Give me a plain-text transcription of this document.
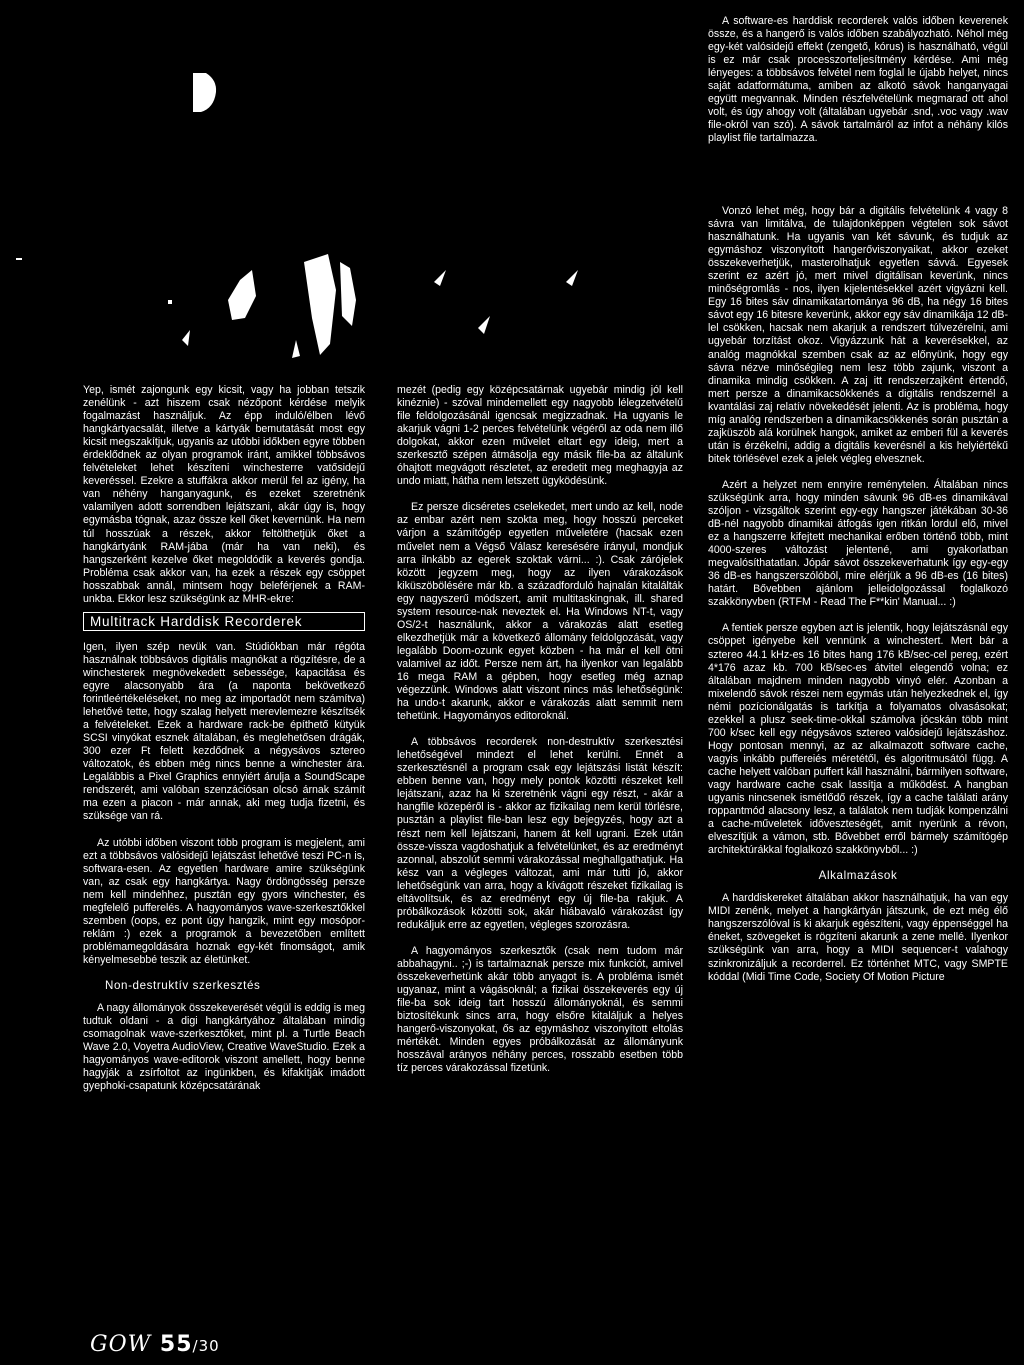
Yep, ismét zajongunk egy kicsit, vagy ha jobban tetszik zenélünk - azt hiszem csak nézőpont kérdése melyik fogalmazást használjuk. Az épp induló/élben lévő hangkártyacsalát, illetve a kártyák bemutatását most egy kicsit megszakítjuk, ugyanis az utóbbi időkben egyre többen érdeklődnek az olyan programok iránt, amikkel többsávos felvételeket lehet készíteni winchesterre vatősidejű keveréssel. Ezekre a stuffákra akkor merül fel az igény, ha van néhény hanganyagunk, és ezeket szeretnénk valamilyen adott sorrendben lejátszani, akár úgy is, hogy egymásba tógnak, azaz össze kell őket kevernünk. Ha nem túl hosszúak a részek, akkor feltölthetjük őket a hangkártyánk RAM-jába (már ha van neki), és hangszerként kezelve őket megoldódik a keverés gondja. Probléma csak akkor van, ha ezek a részek egy csöppet hosszabbak annál, mintsem hogy beleférjenek a RAM-unkba. Ekkor lesz szükségünk az MHR-ekre:

Multitrack Harddisk Recorderek

Igen, ilyen szép nevük van. Stúdiókban már régóta használnak többsávos digitális magnókat a rögzítésre, de a winchesterek megnövekedett sebessége, kapacitása és egyre alacsonyabb ára (a naponta bekövetkező forintleértékeléseket, no meg az importadót nem számítva) lehetővé tette, hogy szalag helyett merevlemezre készítsék a felvételeket. Ezek a hardware rack-be építhető kütyük SCSI vinyókat esznek általában, és meglehetősen drágák, 300 ezer Ft felett kezdődnek a négysávos sztereo változatok, és ebben még nincs benne a winchester ára. Legalábbis a Pixel Graphics ennyiért árulja a SoundScape rendszerét, ami valóban szenzációsan olcsó árnak számít ma ezen a piacon - már annak, aki meg tudja fizetni, és szüksége van rá.

Az utóbbi időben viszont több program is megjelent, ami ezt a többsávos valósidejű lejátszást lehetővé teszi PC-n is, softwara-esen. Az egyetlen hardware amire szükségünk van, az csak egy hangkártya. Nagy ördöngösség persze nem kell mindehhez, pusztán egy gyors winchester, és megfelelő pufferelés. A hagyományos wave-szerkesztőkkel szemben (oops, ez pont úgy hangzik, mint egy mosópor-reklám :) ezek a programok a bevezetőben említett problémamegoldására hoznak egy-két finomságot, amik kényelmesebbé teszik az életünket.

Non-destruktív szerkesztés

A nagy állományok összekeverését végül is eddig is meg tudtuk oldani - a digi hangkártyához általában mindig csomagolnak wave-szerkesztőket, mint pl. a Turtle Beach Wave 2.0, Voyetra AudioView, Creative WaveStudio. Ezek a hagyományos wave-editorok viszont amellett, hogy benne hagyják a zsírfoltot az ingünkben, és kifakítják imádott gyephoki-csapatunk középcsatárának

mezét (pedig egy középcsatárnak ugyebár mindig jól kell kinéznie) - szóval mindemellett egy nagyobb lélegzetvételű file feldolgozásánál igencsak megizzadnak. Ha ugyanis le akarjuk vágni 1-2 perces felvételünk végéről az oda nem illő dolgokat, akkor ezen művelet eltart egy ideig, mert a szerkesztő szépen átmásolja egy másik file-ba az általunk óhajtott megvágott részletet, az eredetit meg meghagyja az undo miatt, hátha nem letszett ügyködésünk.

Ez persze dicséretes cselekedet, mert undo az kell, node az embar azért nem szokta meg, hogy hosszú perceket várjon a számítógép egyetlen műveletére (hacsak ezen művelet nem a Végső Válasz keresésére irányul, mondjuk arra ilnkább az egerek szoktak várni... :). Csak zárójelek között jegyzem meg, hogy az ilyen várakozások kiküszöbölésére már kb. a századforduló hajnalán kitalálták egy nagyszerű módszert, amit multitaskingnak, ill. shared system resource-nak neveztek el. Ha Windows NT-t, vagy OS/2-t használunk, akkor a várakozás alatt esetleg elkezdhetjük már a következő állomány feldolgozását, vagy legalább Doom-ozunk egyet közben - ha már el kell ötni valamivel az időt. Persze nem árt, ha ilyenkor van legalább 16 mega RAM a gépben, hogy esetleg még aznap végezzünk. Windows alatt viszont nincs más lehetőségünk: ha undo-t akarunk, akkor e várakozás alatt semmit nem tehetünk. Hagyományos editoroknál.

A többsávos recorderek non-destruktív szerkesztési lehetőségével mindezt el lehet kerülni. Ennét a szerkesztésnél a program csak egy lejátszási listát készít: ebben benne van, hogy mely pontok közötti részeket kell lejátszani, azaz ha ki szeretnénk vágni egy részt, - akár a hangfile közepéről is - akkor az fizikailag nem kerül törlésre, pusztán a playlist file-ban lesz egy bejegyzés, hogy azt a részt nem kell lejátszani, hanem át kell ugrani. Ezek után össze-vissza vagdoshatjuk a felvételünket, és az eredményt azonnal, abszolút semmi várakozással meghallgathatjuk. Ha kész van a végleges változat, ami már tutti jó, akkor lehetőségünk van arra, hogy a kívágott részeket fizikailag is eltávolítsuk, és az eredményt egy új file-ba rakjuk. A próbálkozások közötti sok, akár hiábavaló várakozást így redukáljuk erre az egyetlen, végleges szorozásra.

A hagyományos szerkesztők (csak nem tudom már abbahagyni.. ;-) is tartalmaznak persze mix funkciót, amivel összekeverhetünk akár több anyagot is. A probléma ismét ugyanaz, mint a vágásoknál; a fizikai összekeverés egy új file-ba sok ideig tart hosszú állományoknál, és semmi biztosítékunk sincs arra, hogy elsőre kitaláljuk a helyes hangerő-viszonyokat, ős az egymáshoz viszonyított eltolás mértékét. Minden egyes próbálkozását az állományunk hosszával arányos néhány perces, rosszabb esetben több tíz perces várakozással fizetünk.

A software-es harddisk recorderek valós időben keverenek össze, és a hangerő is valós időben szabályozható. Néhol még egy-két valósidejű effekt (zengető, kórus) is használható, végül is ez már csak processzorteljesítmény kérdése. Ami még lényeges: a többsávos felvétel nem foglal le újabb helyet, nincs saját adatformátuma, amiben az alkotó sávok hanganyagai együtt megvannak. Minden részfelvételünk megmarad ott ahol volt, és úgy ahogy volt (általában ugyebár .snd, .voc vagy .wav file-okról van szó). A sávok tartalmáról az infot a néhány kilós playlist file tartalmazza.

Vonzó lehet még, hogy bár a digitális felvételünk 4 vagy 8 sávra van limitálva, de tulajdonképpen végtelen sok sávot használhatunk. Ha ugyanis van két sávunk, és tudjuk az egymáshoz viszonyított hangerőviszonyaikat, akkor ezeket összekeverhetjük, masterolhatjuk egyetlen sávvá. Egyesek szerint ez azért jó, mert mivel digitálisan keverünk, nincs minőségromlás - nos, ilyen kijelentésekkel azért vigyázni kell. Egy 16 bites sáv dinamikatartománya 96 dB, ha négy 16 bites sávot egy 16 bitesre keverünk, akkor egy sáv dinamikája 12 dB-lel csökken, hacsak nem akarjuk a rendszert túlvezérelni, ami ugyebár torzítást okoz. Vigyázzunk hát a keverésekkel, az analóg magnókkal szemben csak az az előnyünk, hogy egy sávra nézve minőségileg nem lesz több zajunk, viszont a dinamika mindig csökken. A zaj itt rendszerzajként értendő, mert persze a dinamikacsökkenés a digitális rendszernél a kvantálási zaj relatív növekedését jelenti. Az is probléma, hogy míg analóg rendszerben a dinamikacsökkenés során pusztán a zajküszöb alá korülnek hangok, amiket az emberi fül a keverés után is érzékelni, addig a digitális keverésnél a kis helyiértékű bitek törlésével ezek a jelek végleg elvesznek.

Azért a helyzet nem ennyire reménytelen. Általában nincs szükségünk arra, hogy minden sávunk 96 dB-es dinamikával szóljon - vizsgáltok szerint egy-egy hangszer játékában 30-36 dB-nél nagyobb dinamikai átfogás igen ritkán lordul elő, mivel ez a hangszerre kifejtett mechanikai erőben történő több, mint 4000-szeres változást jelentené, ami gyakorlatban megvalósíthatatlan. Jópár sávot összekeverhatunk így egy-egy 36 dB-es hangszerszólóból, mire elérjük a 96 dB-es (16 bites) határt. Bővebben ajánlom jelleidolgozással foglalkozó szakkönyvben (RTFM - Read The F**kin' Manual... :)

A fentiek persze egyben azt is jelentik, hogy lejátszásnál egy csöppet igényebe kell vennünk a winchestert. Mert bár a sztereo 44.1 kHz-es 16 bites hang 176 kB/sec-cel pereg, ezért 4*176 azaz kb. 700 kB/sec-es átvitel elegendő volna; ez általában majdnem minden nagyobb vinyó elér. Azonban a mixelendő sávok részei nem egymás után helyezkednek el, így némi pozícionálgatás is tarkítja a folyamatos olvasásokat; ezekkel a plusz seek-time-okkal számolva jócskán több mint 700 k/sec kell egy négysávos sztereo valósidejű lejátszáshoz. Hogy pontosan mennyi, az az alkalmazott software cache, vagyis inkább puffereiés méretétől, és algoritmusától függ. A cache helyett valóban puffert káll használni, bármilyen software, vagy hardware cache csak lassítja a működést. A hangban ugyanis nincsenek ismétlődő részek, így a cache találati arány roppantmód alacsony lesz, a találatok nem tudják kompenzálni a cache-műveletek időveszteségét, amit nyerünk a révon, elveszítjük a vámon, stb. Bővebbet erről bármely számítógép architektúrákkal foglalkozó szakkönyvből... :)

Alkalmazások

A harddiskereket általában akkor használhatjuk, ha van egy MIDI zenénk, melyet a hangkártyán játszunk, de ezt még élő hangszerszólóval is ki akarjuk egészíteni, vagy éppenséggel ha éneket, szövegeket is rögzíteni akarunk a zene mellé. Ilyenkor szükségünk van arra, hogy a MIDI sequencer-t valahogy szinkronizáljuk a recorderrel. Ez történhet MTC, vagy SMPTE kóddal (Midi Time Code, Society Of Motion Picture

GOW 55/30
